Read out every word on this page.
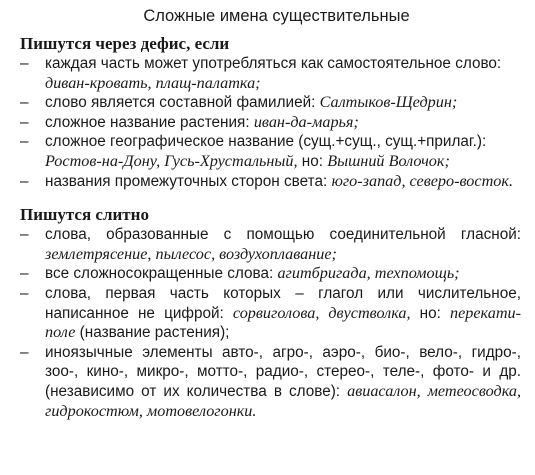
Сложные имена существительные
Пишутся через дефис, если
– каждая часть может употребляться как самостоятельное слово: диван-кровать, плащ-палатка;
– слово является составной фамилией: Салтыков-Щедрин;
– сложное название растения: иван-да-марья;
– сложное географическое название (сущ.+сущ., сущ.+прилаг.): Ростов-на-Дону, Гусь-Хрустальный, но: Вышний Волочок;
– названия промежуточных сторон света: юго-запад, северо-восток.
Пишутся слитно
– слова, образованные с помощью соединительной гласной: землетрясение, пылесос, воздухоплавание;
– все сложносокращенные слова: агитбригада, техпомощь;
– слова, первая часть которых – глагол или числительное, написанное не цифрой: сорвиголова, двустволка, но: перекати-поле (название растения);
– иноязычные элементы авто-, агро-, аэро-, био-, вело-, гидро-, зоо-, кино-, микро-, мотто-, радио-, стерео-, теле-, фото- и др. (независимо от их количества в слове): авиасалон, метеосводка, гидрокостюм, мотовелогонки.
